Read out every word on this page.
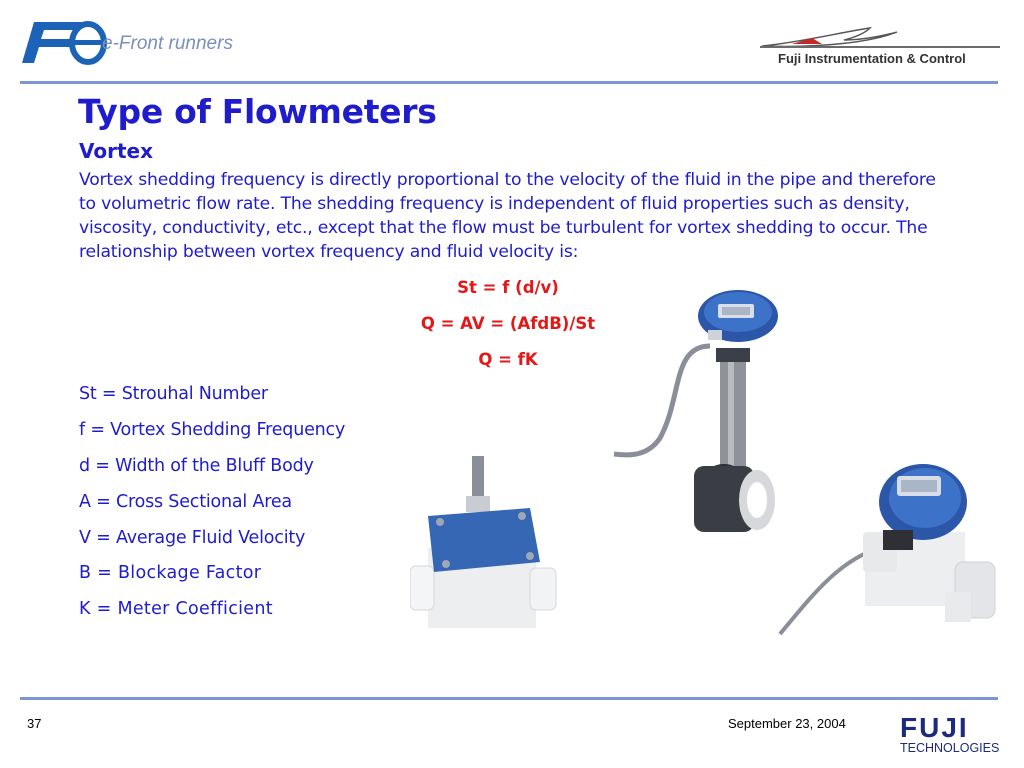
e-Front runners
Fuji Instrumentation & Control
Type of Flowmeters
Vortex
Vortex shedding frequency is directly proportional to the velocity of the fluid in the pipe and therefore to volumetric flow rate. The shedding frequency is independent of fluid properties such as density, viscosity, conductivity, etc., except that the flow must be turbulent for vortex shedding to occur. The relationship between vortex frequency and fluid velocity is:
St = f (d/v)
Q = AV = (AfdB)/St
Q = fK
St = Strouhal Number
f = Vortex Shedding Frequency
d = Width of the Bluff Body
A = Cross Sectional Area
V = Average Fluid Velocity
B = Blockage Factor
K = Meter Coefficient
37	September 23, 2004 FUJI
TECHNOLOGIES
